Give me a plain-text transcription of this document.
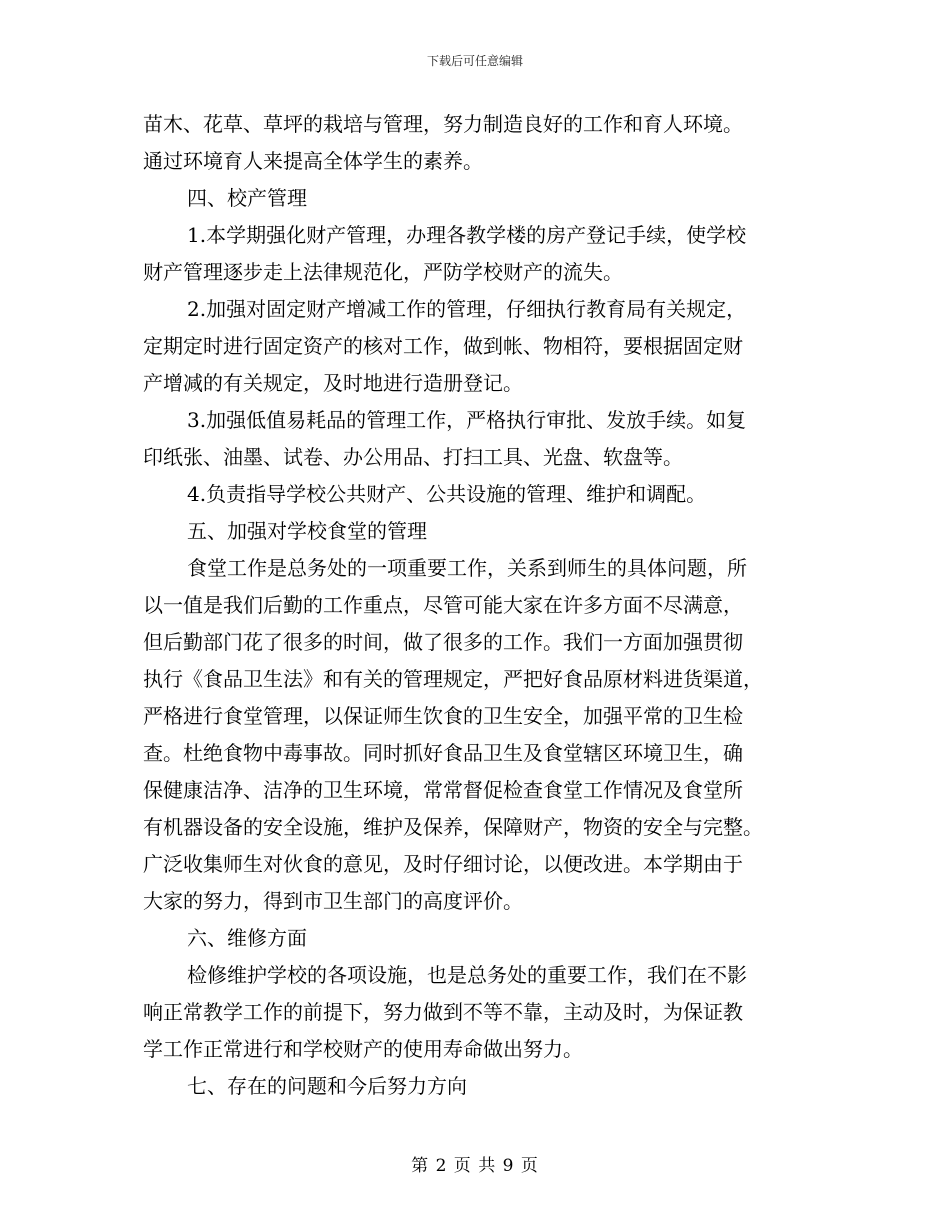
下载后可任意编辑
苗木、花草、草坪的栽培与管理，努力制造良好的工作和育人环境。
通过环境育人来提高全体学生的素养。
四、校产管理
1.本学期强化财产管理，办理各教学楼的房产登记手续，使学校
财产管理逐步走上法律规范化，严防学校财产的流失。
2.加强对固定财产增减工作的管理，仔细执行教育局有关规定，
定期定时进行固定资产的核对工作，做到帐、物相符，要根据固定财
产增减的有关规定，及时地进行造册登记。
3.加强低值易耗品的管理工作，严格执行审批、发放手续。如复
印纸张、油墨、试卷、办公用品、打扫工具、光盘、软盘等。
4.负责指导学校公共财产、公共设施的管理、维护和调配。
五、加强对学校食堂的管理
食堂工作是总务处的一项重要工作，关系到师生的具体问题，所
以一值是我们后勤的工作重点，尽管可能大家在许多方面不尽满意，
但后勤部门花了很多的时间，做了很多的工作。我们一方面加强贯彻
执行《食品卫生法》和有关的管理规定，严把好食品原材料进货渠道，
严格进行食堂管理，以保证师生饮食的卫生安全，加强平常的卫生检
查。杜绝食物中毒事故。同时抓好食品卫生及食堂辖区环境卫生，确
保健康洁净、洁净的卫生环境，常常督促检查食堂工作情况及食堂所
有机器设备的安全设施，维护及保养，保障财产，物资的安全与完整。
广泛收集师生对伙食的意见，及时仔细讨论，以便改进。本学期由于
大家的努力，得到市卫生部门的高度评价。
六、维修方面
检修维护学校的各项设施，也是总务处的重要工作，我们在不影
响正常教学工作的前提下，努力做到不等不靠，主动及时，为保证教
学工作正常进行和学校财产的使用寿命做出努力。
七、存在的问题和今后努力方向
第 2 页 共 9 页
